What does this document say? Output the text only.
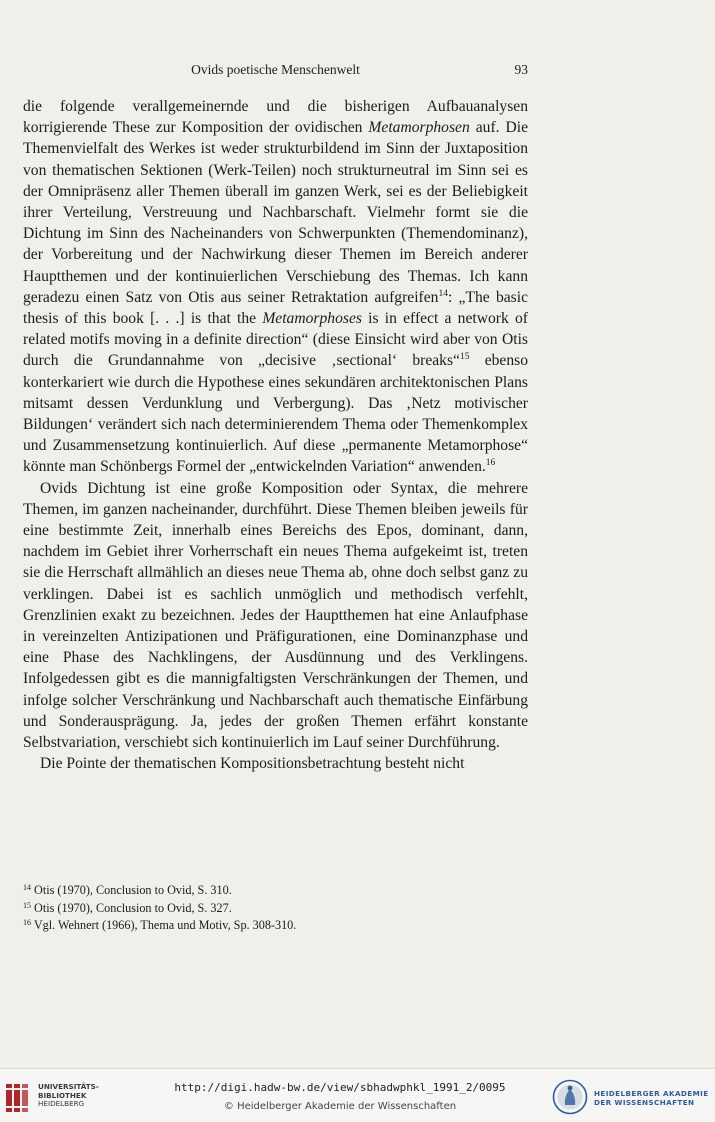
Ovids poetische Menschenwelt	93

die folgende verallgemeinernde und die bisherigen Aufbauanalysen korrigierende These zur Komposition der ovidischen Metamorphosen auf. Die Themenvielfalt des Werkes ist weder strukturbildend im Sinn der Juxtaposition von thematischen Sektionen (Werk-Teilen) noch strukturneutral im Sinn sei es der Omnipräsenz aller Themen überall im ganzen Werk, sei es der Beliebigkeit ihrer Verteilung, Verstreuung und Nachbarschaft. Vielmehr formt sie die Dichtung im Sinn des Nacheinanders von Schwerpunkten (Themendominanz), der Vorbereitung und der Nachwirkung dieser Themen im Bereich anderer Hauptthemen und der kontinuierlichen Verschiebung des Themas. Ich kann geradezu einen Satz von Otis aus seiner Retraktation aufgreifen$^{14}$: „The basic thesis of this book [. . .] is that the Metamorphoses is in effect a network of related motifs moving in a definite direction“ (diese Einsicht wird aber von Otis durch die Grundannahme von „decisive ‚sectional‘ breaks“$^{15}$ ebenso konterkariert wie durch die Hypothese eines sekundären architektonischen Plans mitsamt dessen Verdunklung und Verbergung). Das ‚Netz motivischer Bildungen‘ verändert sich nach determinierendem Thema oder Themenkomplex und Zusammensetzung kontinuierlich. Auf diese „permanente Metamorphose“ könnte man Schönbergs Formel der „entwickelnden Variation“ anwenden.$^{16}$

Ovids Dichtung ist eine große Komposition oder Syntax, die mehrere Themen, im ganzen nacheinander, durchführt. Diese Themen bleiben jeweils für eine bestimmte Zeit, innerhalb eines Bereichs des Epos, dominant, dann, nachdem im Gebiet ihrer Vorherrschaft ein neues Thema aufgekeimt ist, treten sie die Herrschaft allmählich an dieses neue Thema ab, ohne doch selbst ganz zu verklingen. Dabei ist es sachlich unmöglich und methodisch verfehlt, Grenzlinien exakt zu bezeichnen. Jedes der Hauptthemen hat eine Anlaufphase in vereinzelten Antizipationen und Präfigurationen, eine Dominanzphase und eine Phase des Nachklingens, der Ausdünnung und des Verklingens. Infolgedessen gibt es die mannigfaltigsten Verschränkungen der Themen, und infolge solcher Verschränkung und Nachbarschaft auch thematische Einfärbung und Sonderausprägung. Ja, jedes der großen Themen erfährt konstante Selbstvariation, verschiebt sich kontinuierlich im Lauf seiner Durchführung.

Die Pointe der thematischen Kompositionsbetrachtung besteht nicht

$^{14}$ Otis (1970), Conclusion to Ovid, S. 310.

$^{15}$ Otis (1970), Conclusion to Ovid, S. 327.

$^{16}$ Vgl. Wehnert (1966), Thema und Motiv, Sp. 308-310.

UNIVERSITÄTS-
BIBLIOTHEK
HEIDELBERG
http://digi.hadw-bw.de/view/sbhadwphkl_1991_2/0095
© Heidelberger Akademie der Wissenschaften
HEIDELBERGER AKADEMIE
DER WISSENSCHAFTEN
